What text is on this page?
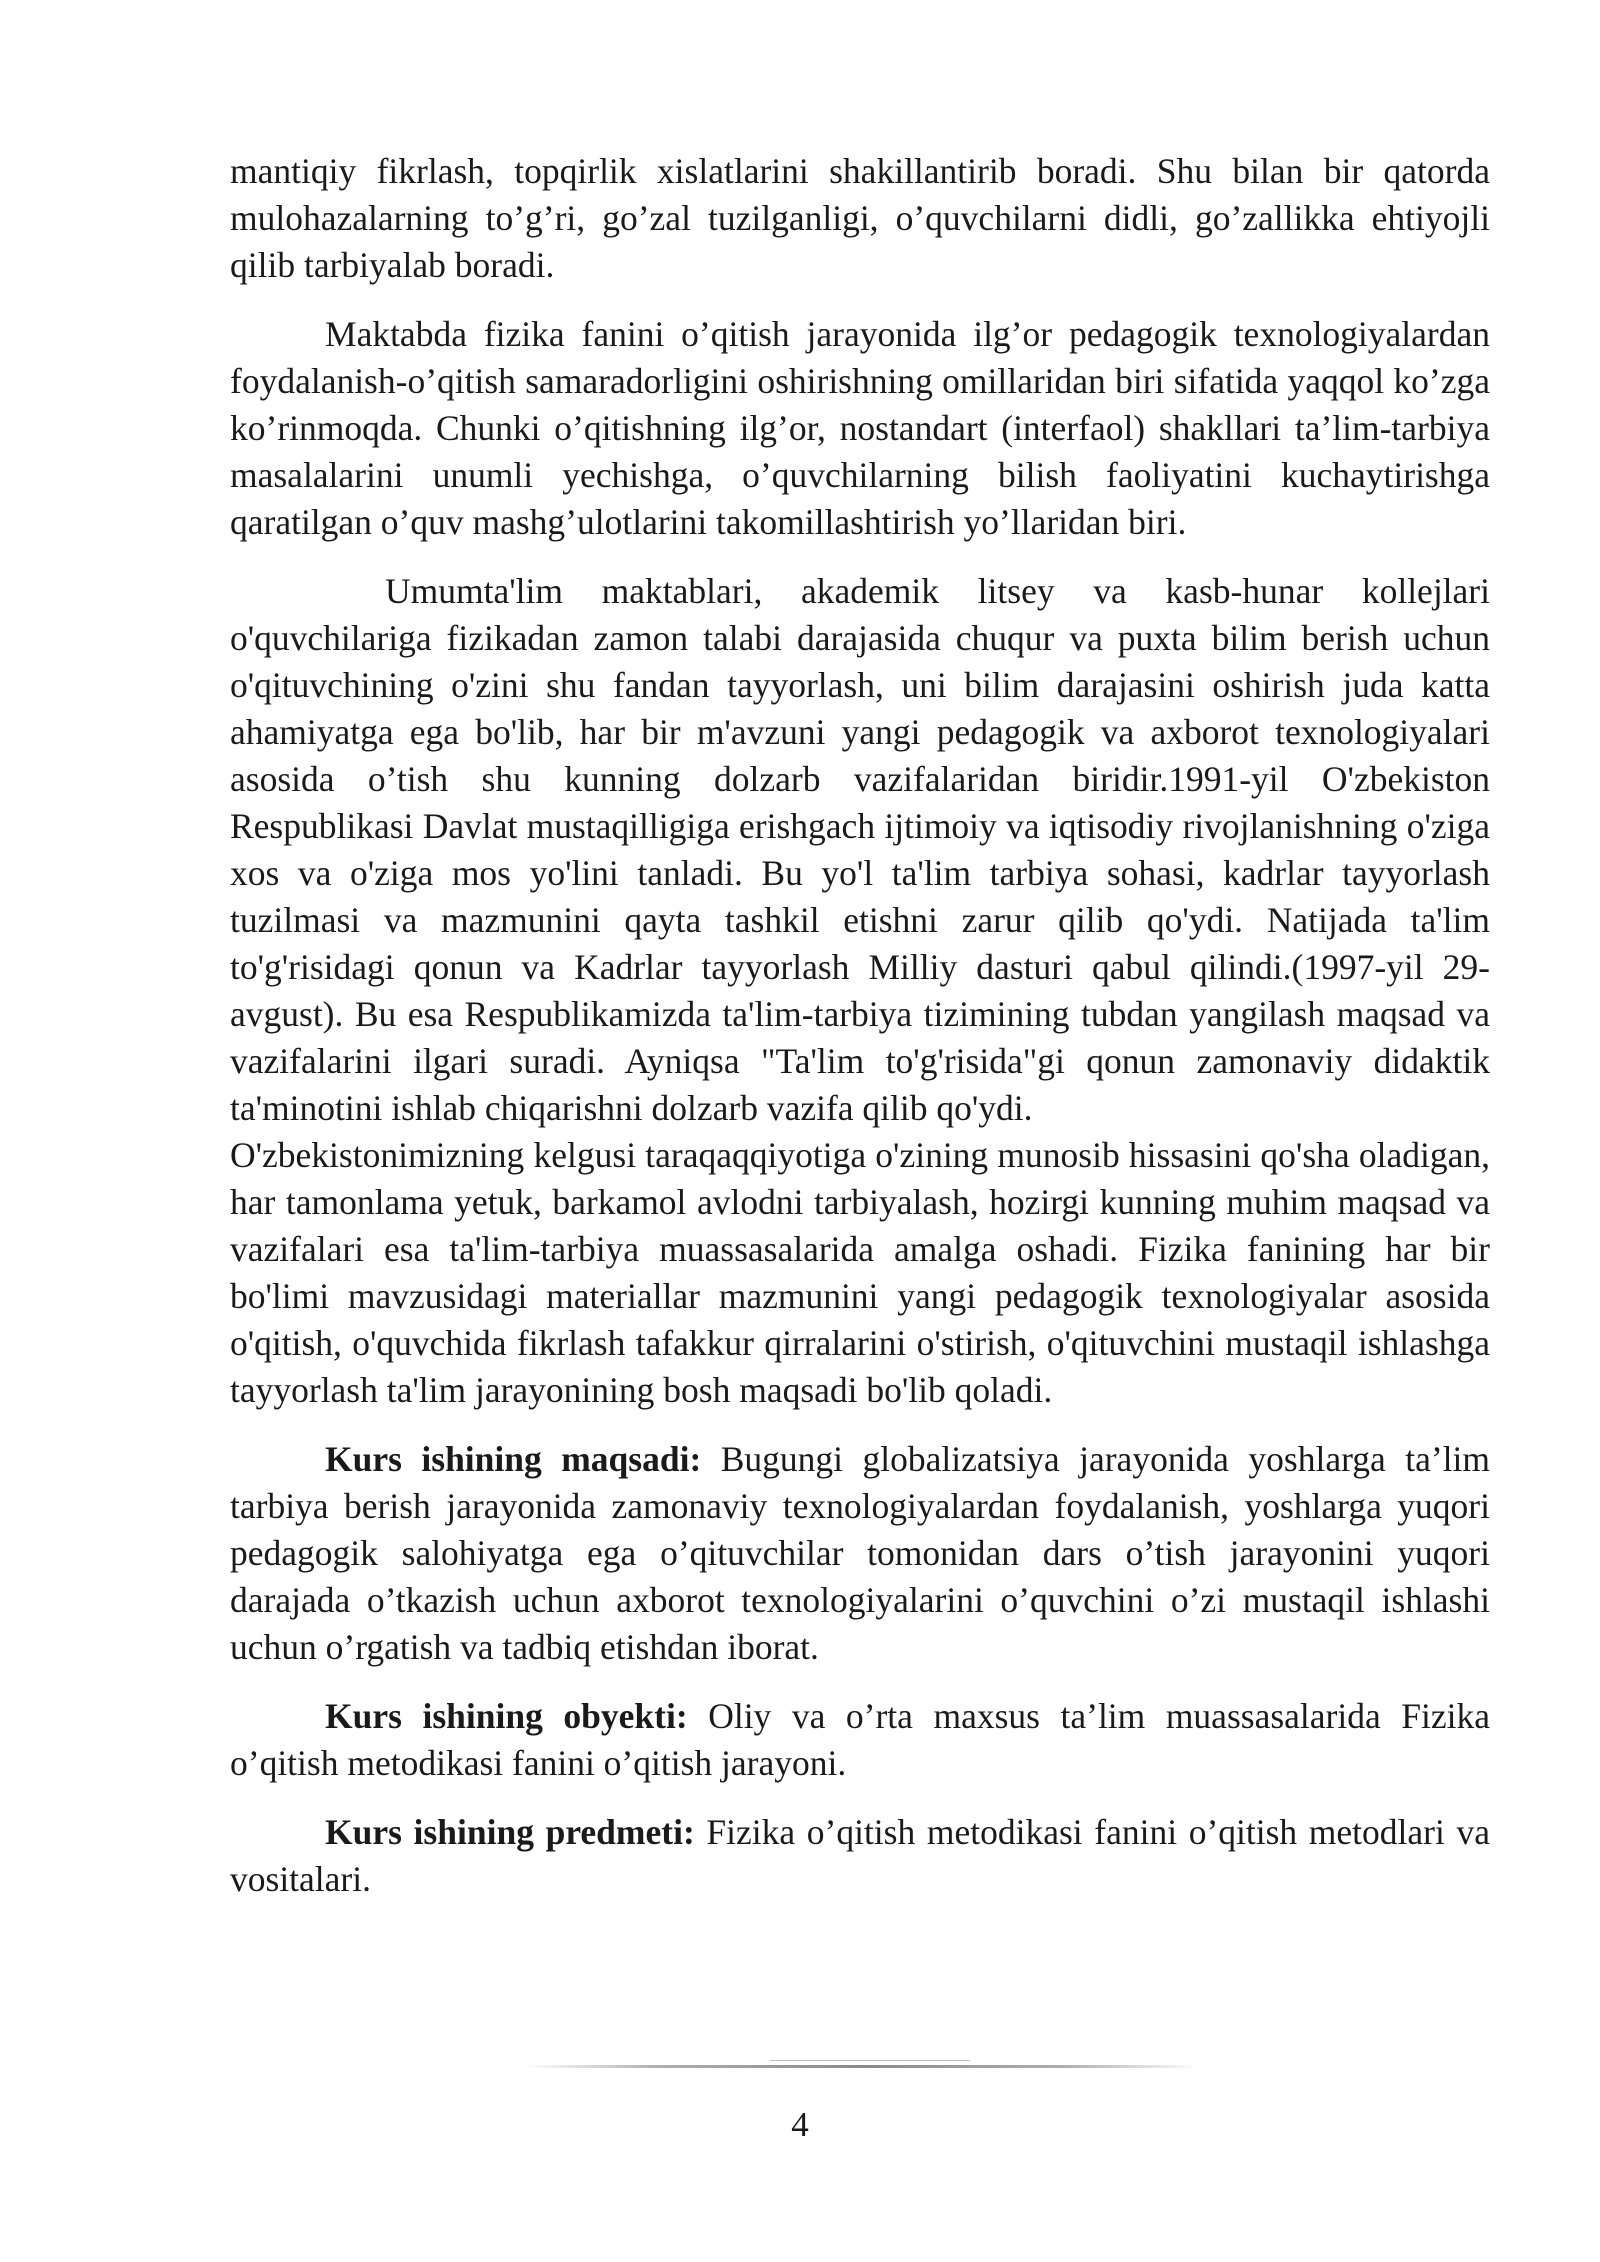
mantiqiy fikrlash, topqirlik xislatlarini shakillantirib boradi. Shu bilan bir qatorda mulohazalarning to’g’ri, go’zal tuzilganligi, o’quvchilarni didli, go’zallikka ehtiyojli qilib tarbiyalab boradi.

Maktabda fizika fanini o’qitish jarayonida ilg’or pedagogik texnologiyalardan foydalanish-o’qitish samaradorligini oshirishning omillaridan biri sifatida yaqqol ko’zga ko’rinmoqda. Chunki o’qitishning ilg’or, nostandart (interfaol) shakllari ta’lim-tarbiya masalalarini unumli yechishga, o’quvchilarning bilish faoliyatini kuchaytirishga qaratilgan o’quv mashg’ulotlarini takomillashtirish yo’llaridan biri.

Umumta'lim maktablari, akademik litsey va kasb-hunar kollejlari o'quvchilariga fizikadan zamon talabi darajasida chuqur va puxta bilim berish uchun o'qituvchining o'zini shu fandan tayyorlash, uni bilim darajasini oshirish juda katta ahamiyatga ega bo'lib, har bir m'avzuni yangi pedagogik va axborot texnologiyalari asosida o’tish shu kunning dolzarb vazifalaridan biridir.1991-yil O'zbekiston Respublikasi Davlat mustaqilligiga erishgach ijtimoiy va iqtisodiy rivojlanishning o'ziga xos va o'ziga mos yo'lini tanladi. Bu yo'l ta'lim tarbiya sohasi, kadrlar tayyorlash tuzilmasi va mazmunini qayta tashkil etishni zarur qilib qo'ydi. Natijada ta'lim to'g'risidagi qonun va Kadrlar tayyorlash Milliy dasturi qabul qilindi.(1997-yil 29-avgust). Bu esa Respublikamizda ta'lim-tarbiya tizimining tubdan yangilash maqsad va vazifalarini ilgari suradi. Ayniqsa "Ta'lim to'g'risida"gi qonun zamonaviy didaktik ta'minotini ishlab chiqarishni dolzarb vazifa qilib qo'ydi.

O'zbekistonimizning kelgusi taraqaqqiyotiga o'zining munosib hissasini qo'sha oladigan, har tamonlama yetuk, barkamol avlodni tarbiyalash, hozirgi kunning muhim maqsad va vazifalari esa ta'lim-tarbiya muassasalarida amalga oshadi. Fizika fanining har bir bo'limi mavzusidagi materiallar mazmunini yangi pedagogik texnologiyalar asosida o'qitish, o'quvchida fikrlash tafakkur qirralarini o'stirish, o'qituvchini mustaqil ishlashga tayyorlash ta'lim jarayonining bosh maqsadi bo'lib qoladi.

Kurs ishining maqsadi: Bugungi globalizatsiya jarayonida yoshlarga ta’lim tarbiya berish jarayonida zamonaviy texnologiyalardan foydalanish, yoshlarga yuqori pedagogik salohiyatga ega o’qituvchilar tomonidan dars o’tish jarayonini yuqori darajada o’tkazish uchun axborot texnologiyalarini o’quvchini o’zi mustaqil ishlashi uchun o’rgatish va tadbiq etishdan iborat.

Kurs ishining obyekti: Oliy va o’rta maxsus ta’lim muassasalarida Fizika o’qitish metodikasi fanini o’qitish jarayoni.

Kurs ishining predmeti: Fizika o’qitish metodikasi fanini o’qitish metodlari va vositalari.

4
